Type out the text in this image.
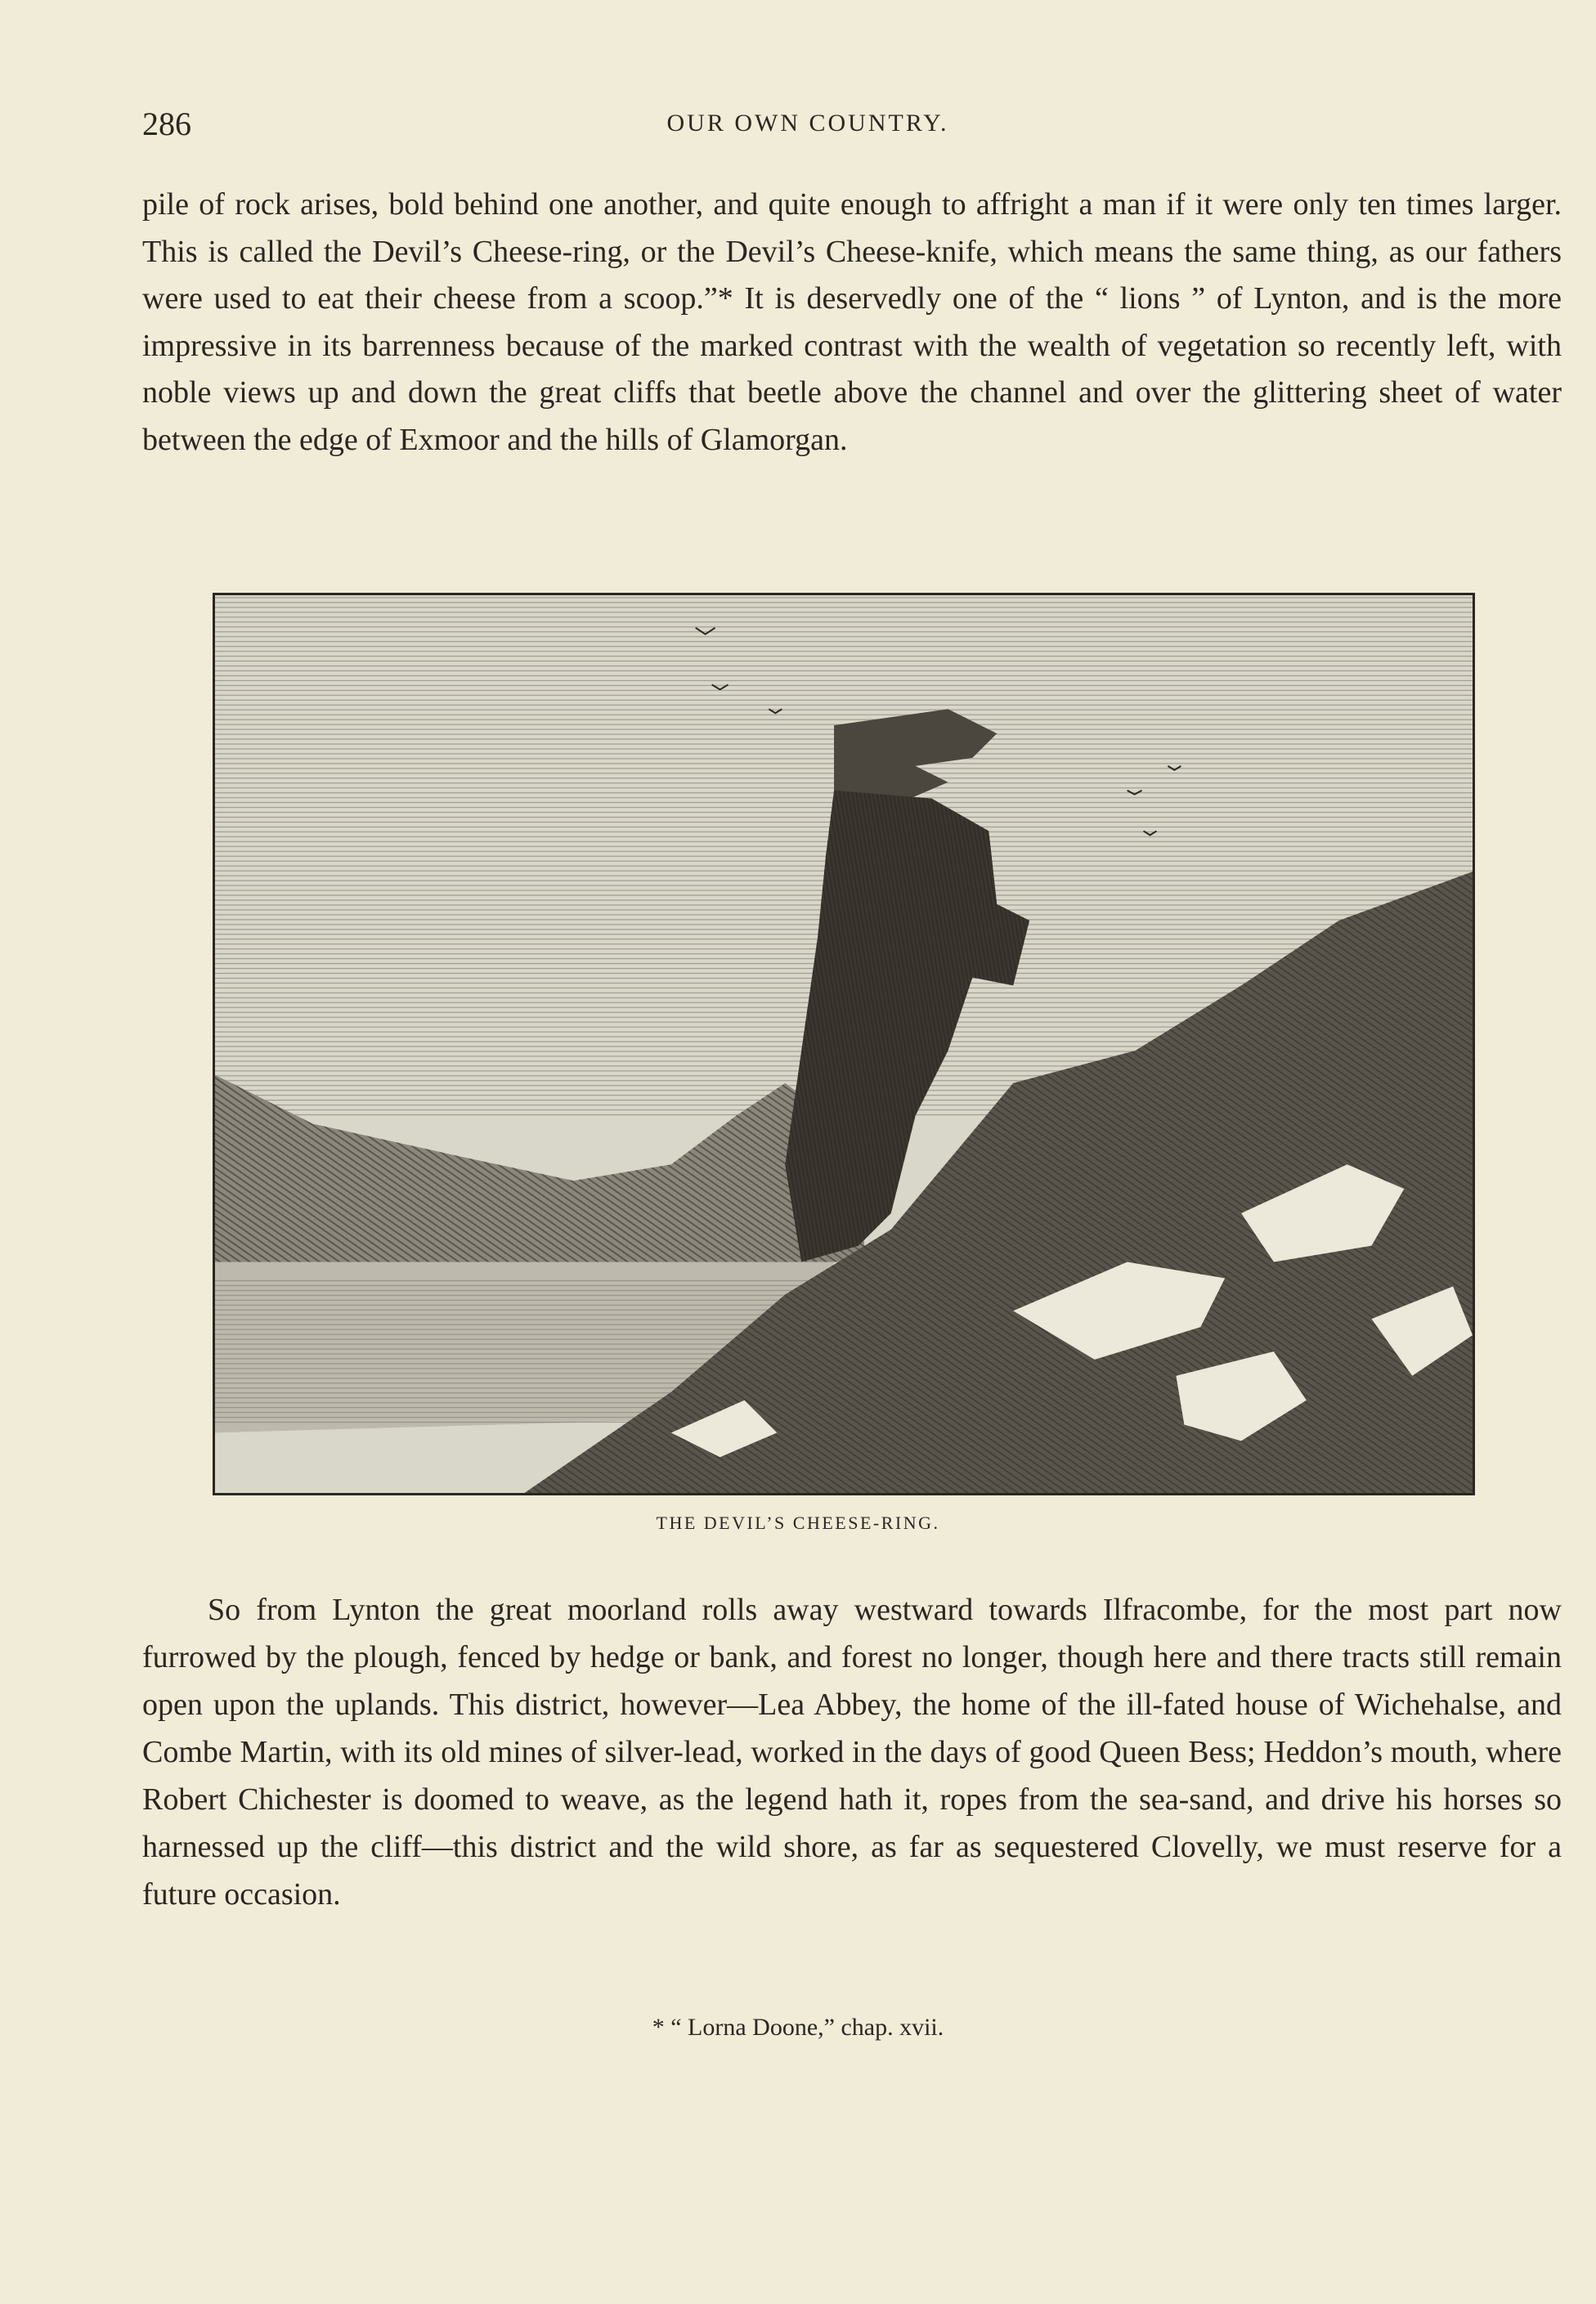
286	OUR OWN COUNTRY.

pile of rock arises, bold behind one another, and quite enough to affright a man if it were only ten times larger. This is called the Devil’s Cheese-ring, or the Devil’s Cheese-knife, which means the same thing, as our fathers were used to eat their cheese from a scoop.”* It is deservedly one of the “ lions ” of Lynton, and is the more impressive in its barrenness because of the marked contrast with the wealth of vegetation so recently left, with noble views up and down the great cliffs that beetle above the channel and over the glittering sheet of water between the edge of Exmoor and the hills of Glamorgan.

THE DEVIL’S CHEESE-RING.

So from Lynton the great moorland rolls away westward towards Ilfracombe, for the most part now furrowed by the plough, fenced by hedge or bank, and forest no longer, though here and there tracts still remain open upon the uplands. This district, however—Lea Abbey, the home of the ill-fated house of Wichehalse, and Combe Martin, with its old mines of silver-lead, worked in the days of good Queen Bess; Heddon’s mouth, where Robert Chichester is doomed to weave, as the legend hath it, ropes from the sea-sand, and drive his horses so harnessed up the cliff—this district and the wild shore, as far as sequestered Clovelly, we must reserve for a future occasion.

* “ Lorna Doone,” chap. xvii.
